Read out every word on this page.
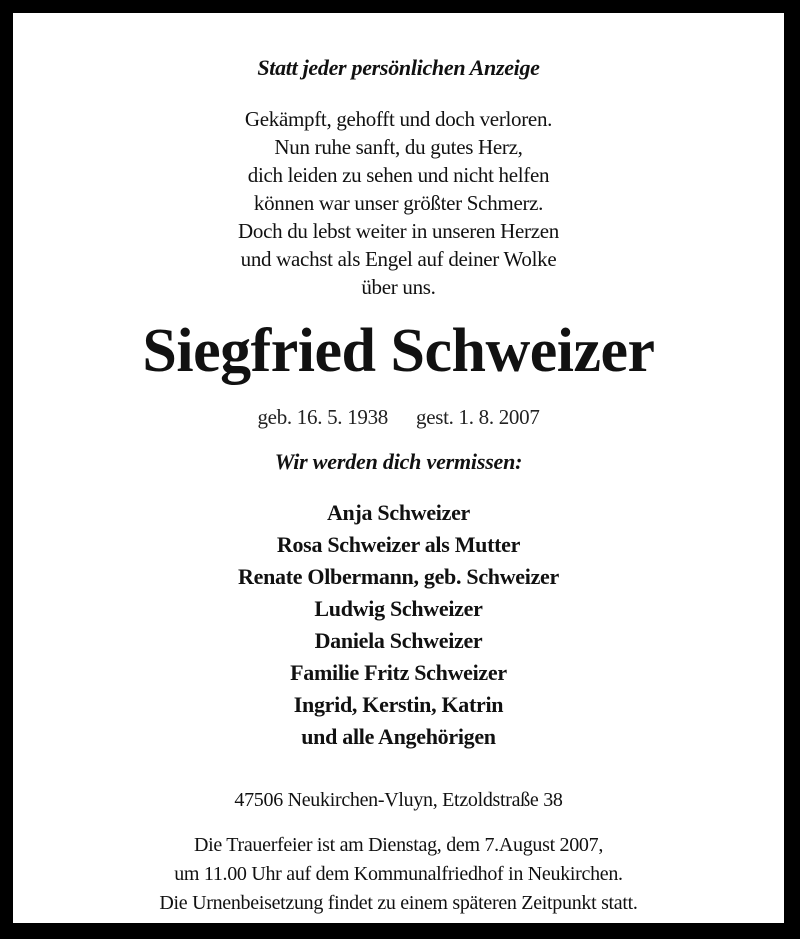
Statt jeder persönlichen Anzeige
Gekämpft, gehofft und doch verloren.
Nun ruhe sanft, du gutes Herz,
dich leiden zu sehen und nicht helfen
können war unser größter Schmerz.
Doch du lebst weiter in unseren Herzen
und wachst als Engel auf deiner Wolke
über uns.
Siegfried Schweizer
geb. 16. 5. 1938 gest. 1. 8. 2007
Wir werden dich vermissen:
Anja Schweizer
Rosa Schweizer als Mutter
Renate Olbermann, geb. Schweizer
Ludwig Schweizer
Daniela Schweizer
Familie Fritz Schweizer
Ingrid, Kerstin, Katrin
und alle Angehörigen
47506 Neukirchen-Vluyn, Etzoldstraße 38
Die Trauerfeier ist am Dienstag, dem 7.August 2007,
um 11.00 Uhr auf dem Kommunalfriedhof in Neukirchen.
Die Urnenbeisetzung findet zu einem späteren Zeitpunkt statt.
